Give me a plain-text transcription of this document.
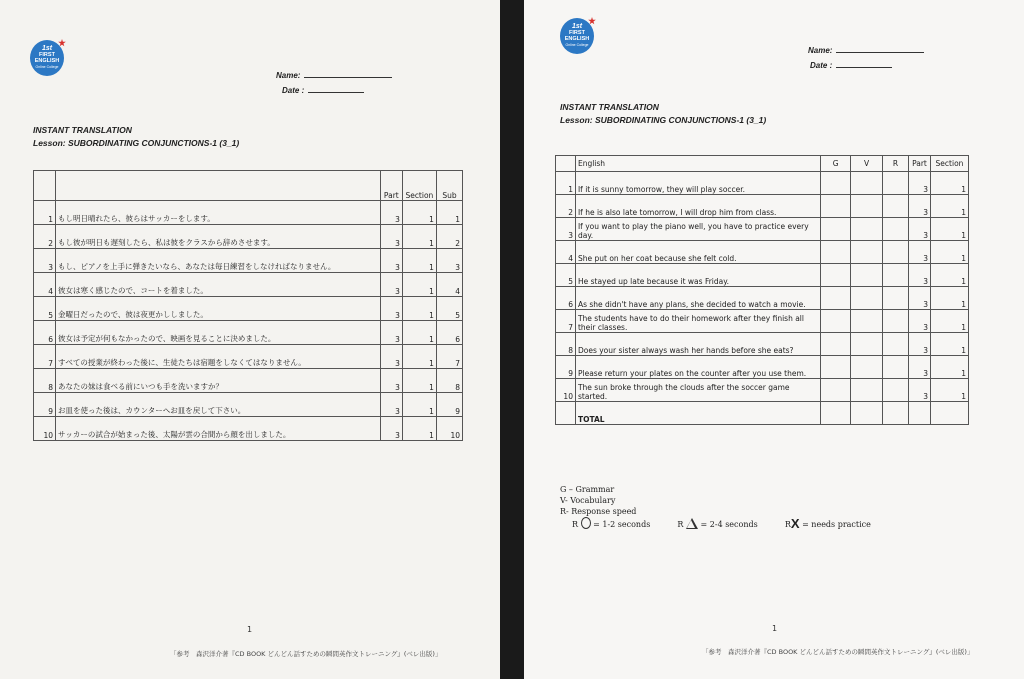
1st
FIRST
ENGLISH
Online College
Name:
Date :
INSTANT TRANSLATION
Lesson: SUBORDINATING CONJUNCTIONS-1 (3_1)
		Part	Section	Sub
1	もし明日晴れたら、彼らはサッカーをします。	3	1	1
2	もし彼が明日も遅刻したら、私は彼をクラスから辞めさせます。	3	1	2
3	もし、ピアノを上手に弾きたいなら、あなたは毎日練習をしなければなりません。	3	1	3
4	彼女は寒く感じたので、コートを着ました。	3	1	4
5	金曜日だったので、彼は夜更かししました。	3	1	5
6	彼女は予定が何もなかったので、映画を見ることに決めました。	3	1	6
7	すべての授業が終わった後に、生徒たちは宿題をしなくてはなりません。	3	1	7
8	あなたの妹は食べる前にいつも手を洗いますか？	3	1	8
9	お皿を使った後は、カウンターへお皿を戻して下さい。	3	1	9
10	サッカーの試合が始まった後、太陽が雲の合間から顔を出しました。	3	1	10
1
「参考　森沢洋介著『CD BOOK どんどん話すための瞬間英作文トレーニング』(ベレ出版)」
1st
FIRST
ENGLISH
Online College
Name:
Date :
INSTANT TRANSLATION
Lesson: SUBORDINATING CONJUNCTIONS-1 (3_1)
	English	G	V	R	Part	Section
1	If it is sunny tomorrow, they will play soccer.				3	1
2	If he is also late tomorrow, I will drop him from class.				3	1
3	If you want to play the piano well, you have to practice every day.				3	1
4	She put on her coat because she felt cold.				3	1
5	He stayed up late because it was Friday.				3	1
6	As she didn't have any plans, she decided to watch a movie.				3	1
7	The students have to do their homework after they finish all their classes.				3	1
8	Does your sister always wash her hands before she eats?				3	1
9	Please return your plates on the counter after you use them.				3	1
10	The sun broke through the clouds after the soccer game started.				3	1
	TOTAL					
G – Grammar
V- Vocabulary
R- Response speed
R = 1-2 seconds	R = 2-4 seconds	RX = needs practice
1
「参考　森沢洋介著『CD BOOK どんどん話すための瞬間英作文トレーニング』(ベレ出版)」
